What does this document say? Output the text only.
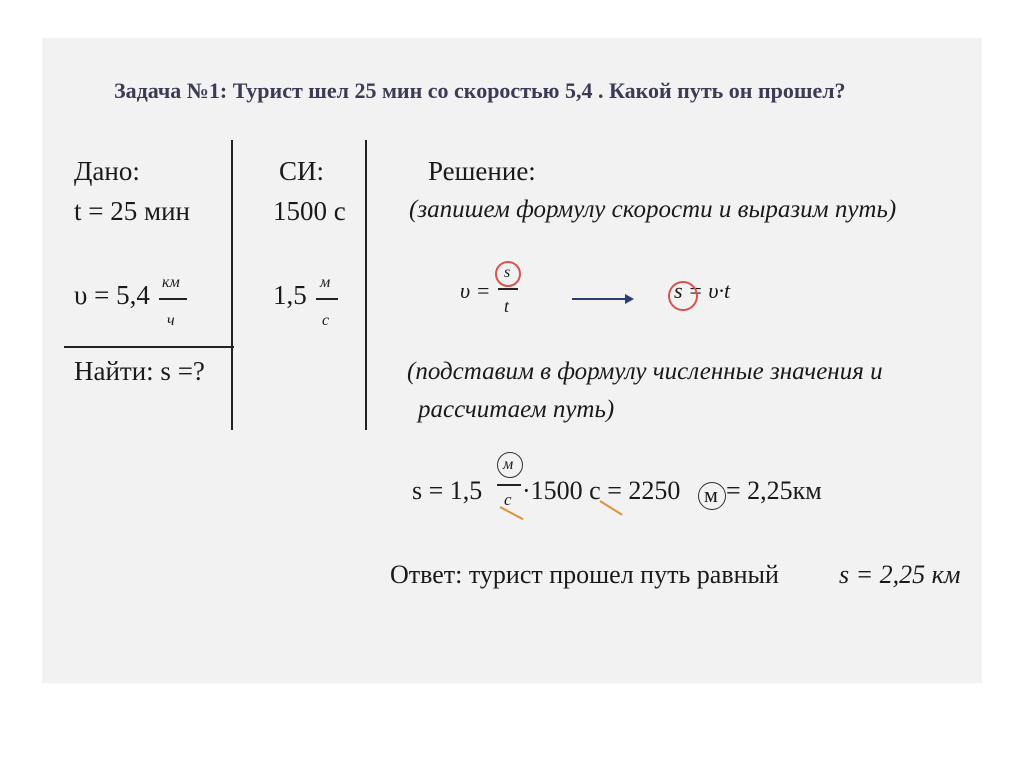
Задача №1: Турист шел 25 мин со скоростью 5,4 . Какой путь он прошел?
Дано:
t = 25 мин
υ = 5,4 км
ч
Найти: s =?
СИ:
1500 с
1,5 м
с
Решение:
(запишем формулу скорости и выразим путь)
υ =
s
t
s = υ·t
(подставим в формулу численные значения и
рассчитаем путь)
s = 1,5
м
с ·1500 с = 2250 м = 2,25км
Ответ: турист прошел путь равный s = 2,25 км
